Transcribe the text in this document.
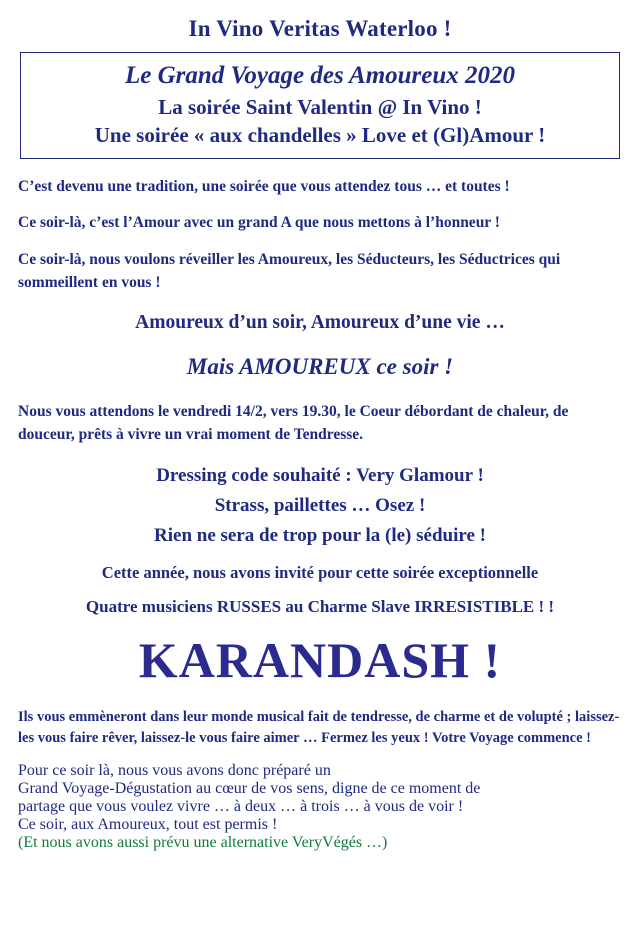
In Vino Veritas Waterloo !
Le Grand Voyage des Amoureux 2020
La soirée Saint Valentin @ In Vino !
Une soirée « aux chandelles » Love et (Gl)Amour !

C’est devenu une tradition, une soirée que vous attendez tous … et toutes !

Ce soir-là, c’est l’Amour avec un grand A que nous mettons à l’honneur !

Ce soir-là, nous voulons réveiller les Amoureux, les Séducteurs, les Séductrices qui sommeillent en vous !

Amoureux d’un soir, Amoureux d’une vie …
Mais AMOUREUX ce soir !

Nous vous attendons le vendredi 14/2, vers 19.30, le Coeur débordant de chaleur, de douceur, prêts à vivre un vrai moment de Tendresse.

Dressing code souhaité : Very Glamour !
Strass, paillettes … Osez !
Rien ne sera de trop pour la (le) séduire !
Cette année, nous avons invité pour cette soirée exceptionnelle
Quatre musiciens RUSSES au Charme Slave IRRESISTIBLE ! !
KARANDASH !

Ils vous emmèneront dans leur monde musical fait de tendresse, de charme et de volupté ; laissez-les vous faire rêver, laissez-le vous faire aimer … Fermez les yeux ! Votre Voyage commence !

Pour ce soir là, nous vous avons donc préparé un
Grand Voyage-Dégustation au cœur de vos sens, digne de ce moment de
partage que vous voulez vivre … à deux … à trois … à vous de voir !
Ce soir, aux Amoureux, tout est permis !
(Et nous avons aussi prévu une alternative VeryVégés …)
